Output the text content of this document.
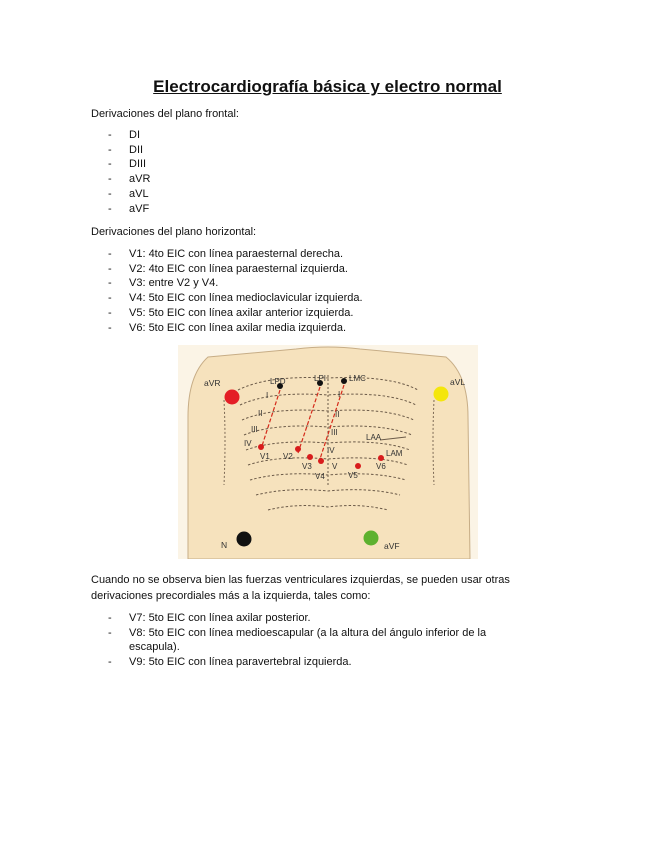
Electrocardiografía básica y electro normal

Derivaciones del plano frontal:

- DI
- DII
- DIII
- aVR
- aVL
- aVF

Derivaciones del plano horizontal:

- V1: 4to EIC con línea paraesternal derecha.
- V2: 4to EIC con línea paraesternal izquierda.
- V3: entre V2 y V4.
- V4: 5to EIC con línea medioclavicular izquierda.
- V5: 5to EIC con línea axilar anterior izquierda.
- V6: 5to EIC con línea axilar media izquierda.
aVR	aVL
N	aVF
LPD	LPI	LMC
LAA
LAM
I
II
III
IV
I
II
III
IV
V
V1 V2
V3
V4	V5
V6

Cuando no se observa bien las fuerzas ventriculares izquierdas, se pueden usar otras derivaciones precordiales más a la izquierda, tales como:

- V7: 5to EIC con línea axilar posterior.
- V8: 5to EIC con línea medioescapular (a la altura del ángulo inferior de la escapula).
- V9: 5to EIC con línea paravertebral izquierda.
